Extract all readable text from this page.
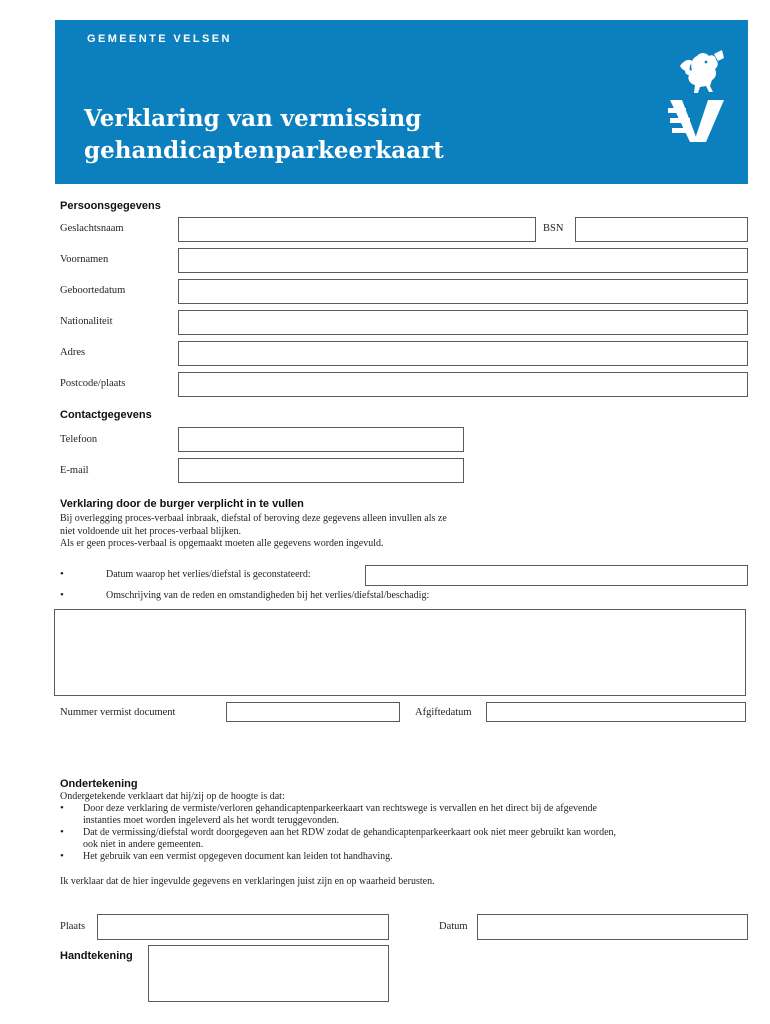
GEMEENTE VELSEN
Verklaring van vermissing
gehandicaptenparkeerkaart
Persoonsgegevens
Geslachtsnaam	BSN
Voornamen
Geboortedatum
Nationaliteit
Adres
Postcode/plaats
Contactgegevens
Telefoon
E-mail
Verklaring door de burger verplicht in te vullen
Bij overlegging proces-verbaal inbraak, diefstal of beroving deze gegevens alleen invullen als ze
niet voldoende uit het proces-verbaal blijken.
Als er geen proces-verbaal is opgemaakt moeten alle gegevens worden ingevuld.
•	Datum waarop het verlies/diefstal is geconstateerd:
•	Omschrijving van de reden en omstandigheden bij het verlies/diefstal/beschadig:
Nummer vermist document	Afgiftedatum
Ondertekening
Ondergetekende verklaart dat hij/zij op de hoogte is dat:
• Door deze verklaring de vermiste/verloren gehandicaptenparkeerkaart van rechtswege is vervallen en het direct bij de afgevende
instanties moet worden ingeleverd als het wordt teruggevonden.
• Dat de vermissing/diefstal wordt doorgegeven aan het RDW zodat de gehandicaptenparkeerkaart ook niet meer gebruikt kan worden,
ook niet in andere gemeenten.
• Het gebruik van een vermist opgegeven document kan leiden tot handhaving.
Ik verklaar dat de hier ingevulde gegevens en verklaringen juist zijn en op waarheid berusten.
Plaats	Datum
Handtekening
